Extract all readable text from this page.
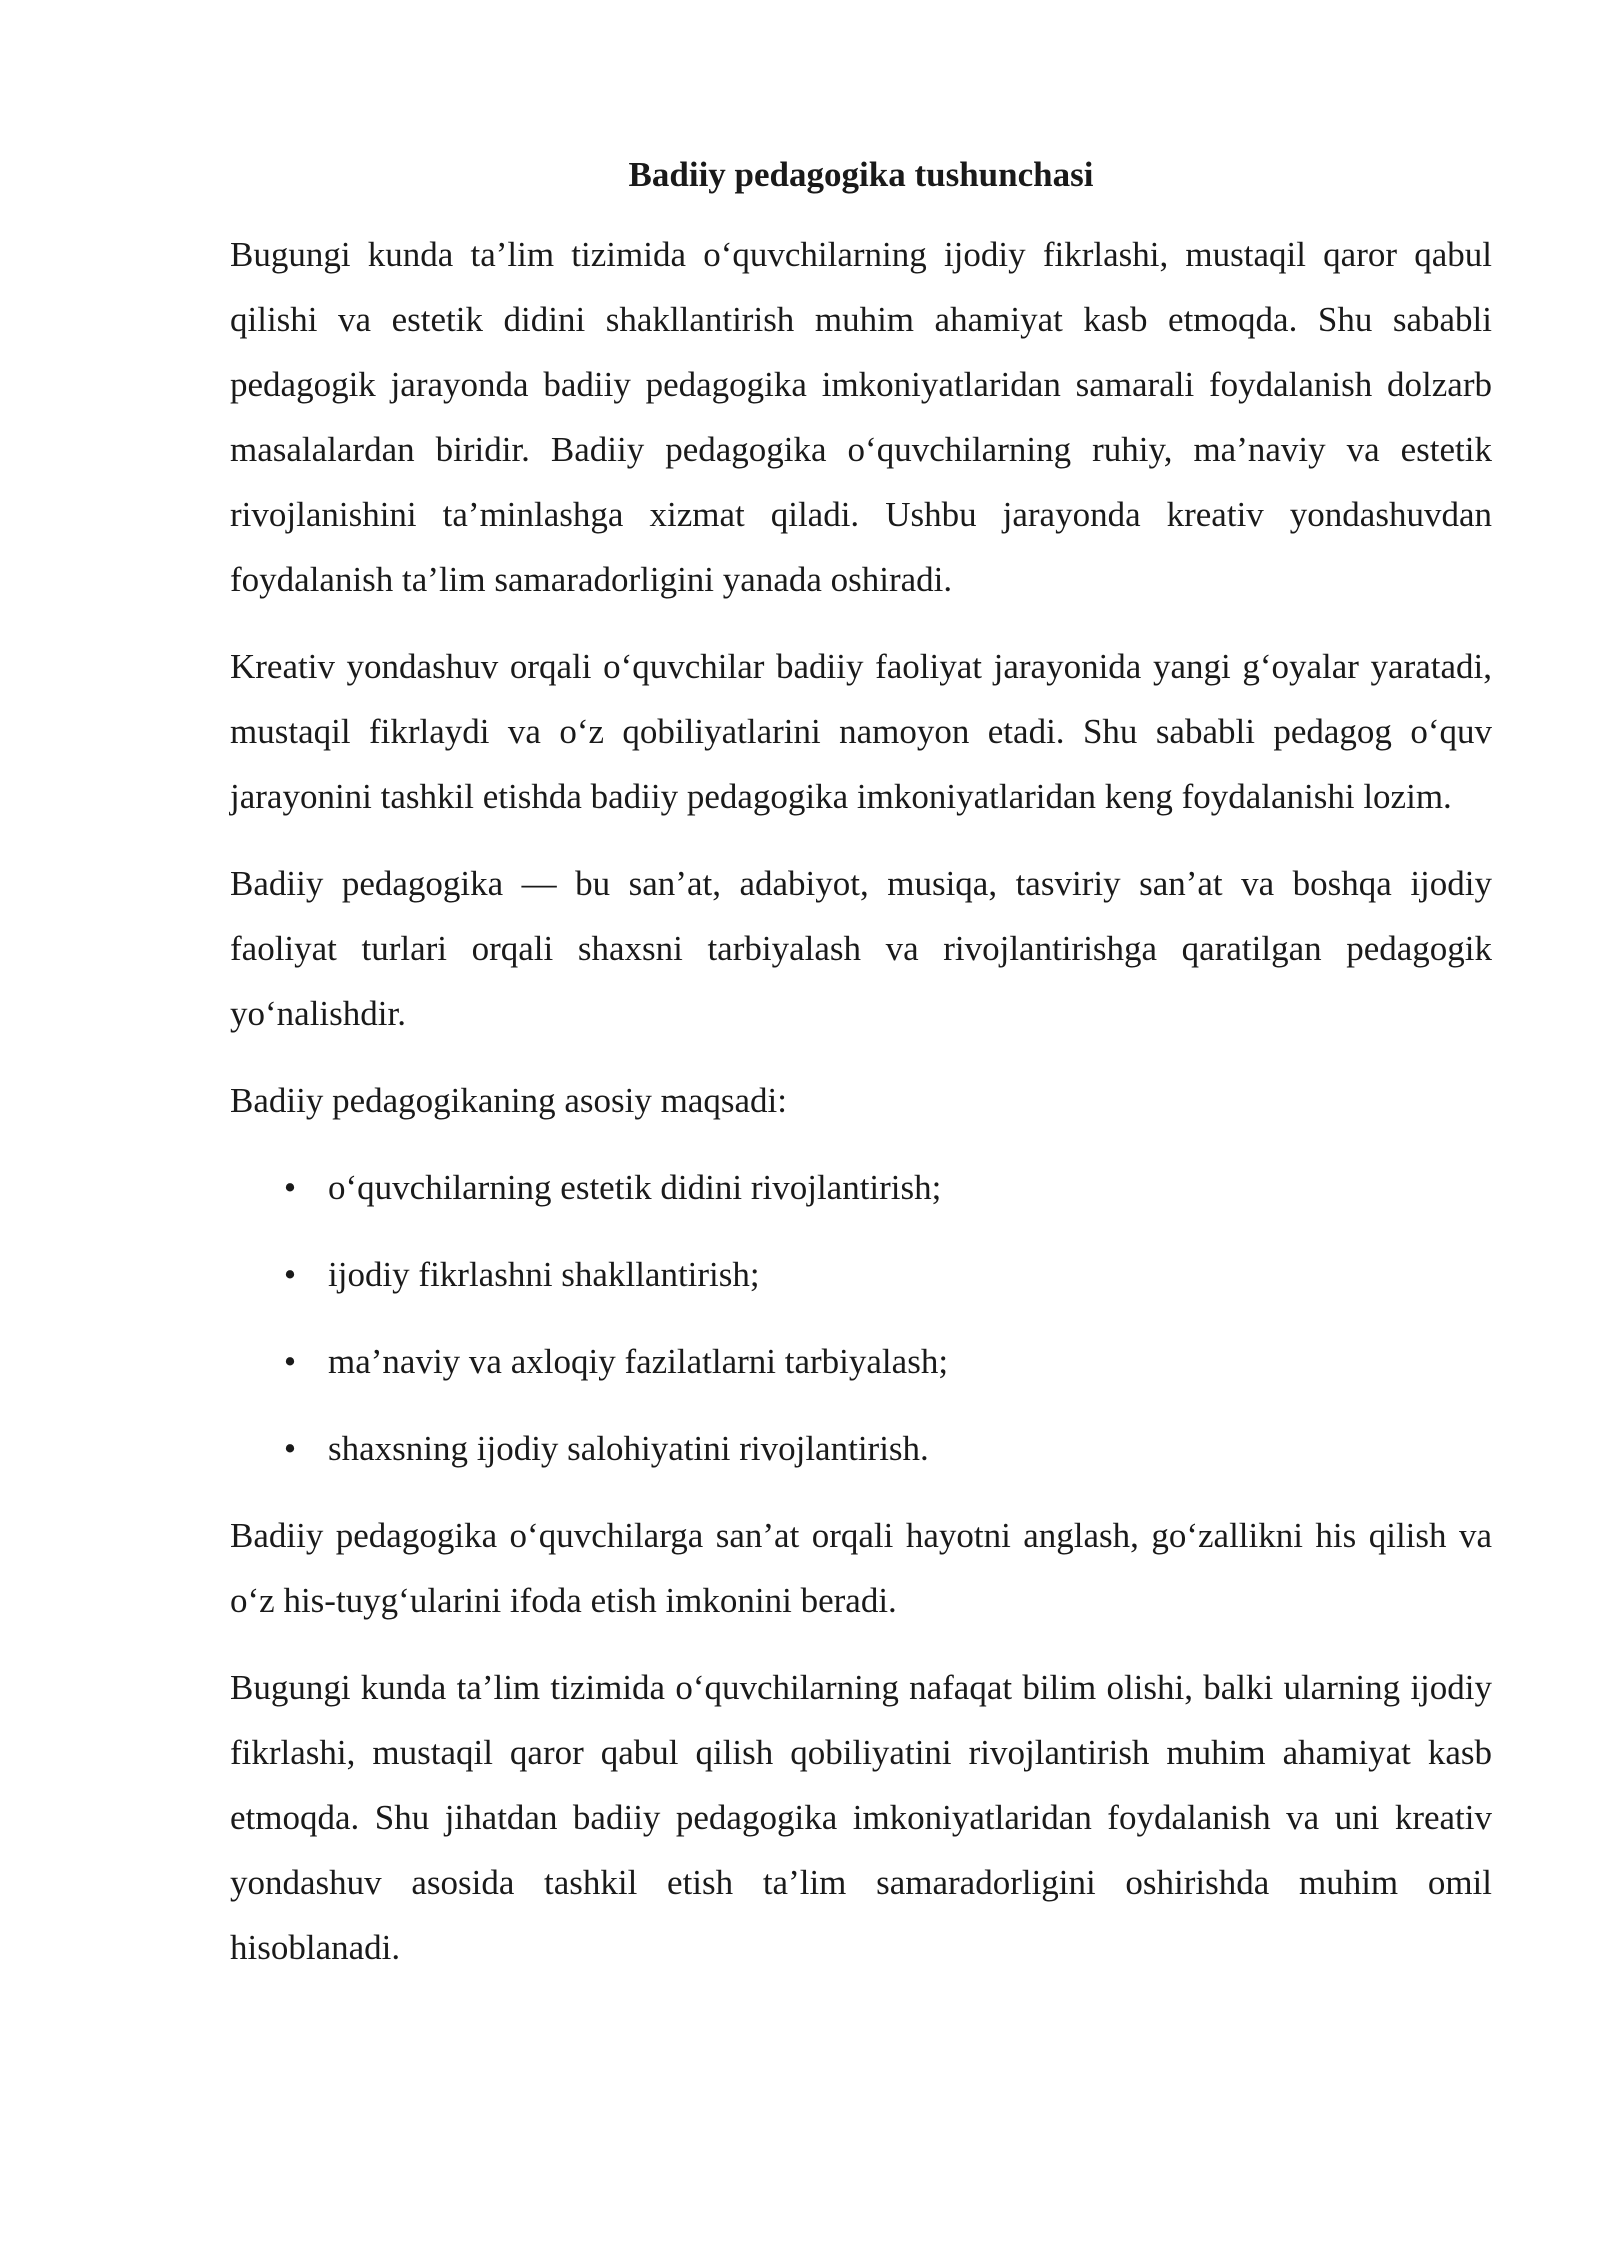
Badiiy pedagogika tushunchasi

Bugungi kunda ta’lim tizimida o‘quvchilarning ijodiy fikrlashi, mustaqil qaror qabul qilishi va estetik didini shakllantirish muhim ahamiyat kasb etmoqda. Shu sababli pedagogik jarayonda badiiy pedagogika imkoniyatlaridan samarali foydalanish dolzarb masalalardan biridir. Badiiy pedagogika o‘quvchilarning ruhiy, ma’naviy va estetik rivojlanishini ta’minlashga xizmat qiladi. Ushbu jarayonda kreativ yondashuvdan foydalanish ta’lim samaradorligini yanada oshiradi.

Kreativ yondashuv orqali o‘quvchilar badiiy faoliyat jarayonida yangi g‘oyalar yaratadi, mustaqil fikrlaydi va o‘z qobiliyatlarini namoyon etadi. Shu sababli pedagog o‘quv jarayonini tashkil etishda badiiy pedagogika imkoniyatlaridan keng foydalanishi lozim.

Badiiy pedagogika — bu san’at, adabiyot, musiqa, tasviriy san’at va boshqa ijodiy faoliyat turlari orqali shaxsni tarbiyalash va rivojlantirishga qaratilgan pedagogik yo‘nalishdir.

Badiiy pedagogikaning asosiy maqsadi:

• o‘quvchilarning estetik didini rivojlantirish;
• ijodiy fikrlashni shakllantirish;
• ma’naviy va axloqiy fazilatlarni tarbiyalash;
• shaxsning ijodiy salohiyatini rivojlantirish.

Badiiy pedagogika o‘quvchilarga san’at orqali hayotni anglash, go‘zallikni his qilish va o‘z his-tuyg‘ularini ifoda etish imkonini beradi.

Bugungi kunda ta’lim tizimida o‘quvchilarning nafaqat bilim olishi, balki ularning ijodiy fikrlashi, mustaqil qaror qabul qilish qobiliyatini rivojlantirish muhim ahamiyat kasb etmoqda. Shu jihatdan badiiy pedagogika imkoniyatlaridan foydalanish va uni kreativ yondashuv asosida tashkil etish ta’lim samaradorligini oshirishda muhim omil hisoblanadi.
